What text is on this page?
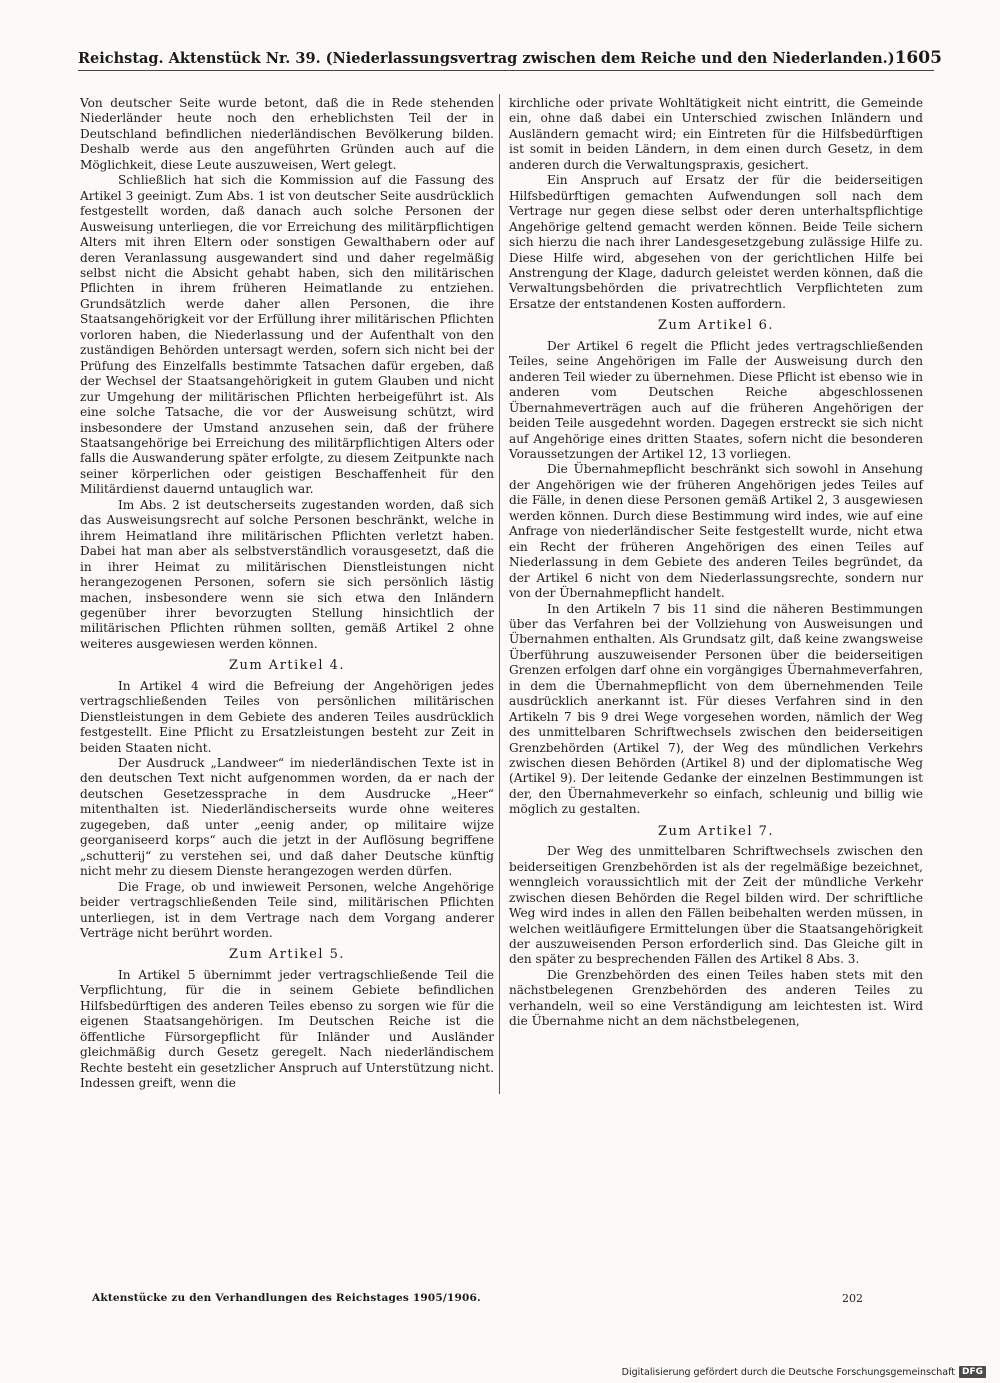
Reichstag. Aktenstück Nr. 39. (Niederlassungsvertrag zwischen dem Reiche und den Niederlanden.) 1605

Von deutscher Seite wurde betont, daß die in Rede stehenden Niederländer heute noch den erheblichsten Teil der in Deutschland befindlichen niederländischen Bevölkerung bilden. Deshalb werde aus den angeführten Gründen auch auf die Möglichkeit, diese Leute auszuweisen, Wert gelegt.

Schließlich hat sich die Kommission auf die Fassung des Artikel 3 geeinigt. Zum Abs. 1 ist von deutscher Seite ausdrücklich festgestellt worden, daß danach auch solche Personen der Ausweisung unterliegen, die vor Erreichung des militärpflichtigen Alters mit ihren Eltern oder sonstigen Gewalthabern oder auf deren Veranlassung ausgewandert sind und daher regelmäßig selbst nicht die Absicht gehabt haben, sich den militärischen Pflichten in ihrem früheren Heimatlande zu entziehen. Grundsätzlich werde daher allen Personen, die ihre Staatsangehörigkeit vor der Erfüllung ihrer militärischen Pflichten vorloren haben, die Niederlassung und der Aufenthalt von den zuständigen Behörden untersagt werden, sofern sich nicht bei der Prüfung des Einzelfalls bestimmte Tatsachen dafür ergeben, daß der Wechsel der Staatsangehörigkeit in gutem Glauben und nicht zur Umgehung der militärischen Pflichten herbeigeführt ist. Als eine solche Tatsache, die vor der Ausweisung schützt, wird insbesondere der Umstand anzusehen sein, daß der frühere Staatsangehörige bei Erreichung des militärpflichtigen Alters oder falls die Auswanderung später erfolgte, zu diesem Zeitpunkte nach seiner körperlichen oder geistigen Beschaffenheit für den Militärdienst dauernd untauglich war.

Im Abs. 2 ist deutscherseits zugestanden worden, daß sich das Ausweisungsrecht auf solche Personen beschränkt, welche in ihrem Heimatland ihre militärischen Pflichten verletzt haben. Dabei hat man aber als selbstverständlich vorausgesetzt, daß die in ihrer Heimat zu militärischen Dienstleistungen nicht herangezogenen Personen, sofern sie sich persönlich lästig machen, insbesondere wenn sie sich etwa den Inländern gegenüber ihrer bevorzugten Stellung hinsichtlich der militärischen Pflichten rühmen sollten, gemäß Artikel 2 ohne weiteres ausgewiesen werden können.

Zum Artikel 4.

In Artikel 4 wird die Befreiung der Angehörigen jedes vertragschließenden Teiles von persönlichen militärischen Dienstleistungen in dem Gebiete des anderen Teiles ausdrücklich festgestellt. Eine Pflicht zu Ersatzleistungen besteht zur Zeit in beiden Staaten nicht.

Der Ausdruck „Landweer“ im niederländischen Texte ist in den deutschen Text nicht aufgenommen worden, da er nach der deutschen Gesetzessprache in dem Ausdrucke „Heer“ mitenthalten ist. Niederländischerseits wurde ohne weiteres zugegeben, daß unter „eenig ander, op militaire wijze georganiseerd korps“ auch die jetzt in der Auflösung begriffene „schutterij“ zu verstehen sei, und daß daher Deutsche künftig nicht mehr zu diesem Dienste herangezogen werden dürfen.

Die Frage, ob und inwieweit Personen, welche Angehörige beider vertragschließenden Teile sind, militärischen Pflichten unterliegen, ist in dem Vertrage nach dem Vorgang anderer Verträge nicht berührt worden.

Zum Artikel 5.

In Artikel 5 übernimmt jeder vertragschließende Teil die Verpflichtung, für die in seinem Gebiete befindlichen Hilfsbedürftigen des anderen Teiles ebenso zu sorgen wie für die eigenen Staatsangehörigen. Im Deutschen Reiche ist die öffentliche Fürsorgepflicht für Inländer und Ausländer gleichmäßig durch Gesetz geregelt. Nach niederländischem Rechte besteht ein gesetzlicher Anspruch auf Unterstützung nicht. Indessen greift, wenn die

kirchliche oder private Wohltätigkeit nicht eintritt, die Gemeinde ein, ohne daß dabei ein Unterschied zwischen Inländern und Ausländern gemacht wird; ein Eintreten für die Hilfsbedürftigen ist somit in beiden Ländern, in dem einen durch Gesetz, in dem anderen durch die Verwaltungspraxis, gesichert.

Ein Anspruch auf Ersatz der für die beiderseitigen Hilfsbedürftigen gemachten Aufwendungen soll nach dem Vertrage nur gegen diese selbst oder deren unterhaltspflichtige Angehörige geltend gemacht werden können. Beide Teile sichern sich hierzu die nach ihrer Landesgesetzgebung zulässige Hilfe zu. Diese Hilfe wird, abgesehen von der gerichtlichen Hilfe bei Anstrengung der Klage, dadurch geleistet werden können, daß die Verwaltungsbehörden die privatrechtlich Verpflichteten zum Ersatze der entstandenen Kosten auffordern.

Zum Artikel 6.

Der Artikel 6 regelt die Pflicht jedes vertragschließenden Teiles, seine Angehörigen im Falle der Ausweisung durch den anderen Teil wieder zu übernehmen. Diese Pflicht ist ebenso wie in anderen vom Deutschen Reiche abgeschlossenen Übernahmeverträgen auch auf die früheren Angehörigen der beiden Teile ausgedehnt worden. Dagegen erstreckt sie sich nicht auf Angehörige eines dritten Staates, sofern nicht die besonderen Voraussetzungen der Artikel 12, 13 vorliegen.

Die Übernahmepflicht beschränkt sich sowohl in Ansehung der Angehörigen wie der früheren Angehörigen jedes Teiles auf die Fälle, in denen diese Personen gemäß Artikel 2, 3 ausgewiesen werden können. Durch diese Bestimmung wird indes, wie auf eine Anfrage von niederländischer Seite festgestellt wurde, nicht etwa ein Recht der früheren Angehörigen des einen Teiles auf Niederlassung in dem Gebiete des anderen Teiles begründet, da der Artikel 6 nicht von dem Niederlassungsrechte, sondern nur von der Übernahmepflicht handelt.

In den Artikeln 7 bis 11 sind die näheren Bestimmungen über das Verfahren bei der Vollziehung von Ausweisungen und Übernahmen enthalten. Als Grundsatz gilt, daß keine zwangsweise Überführung auszuweisender Personen über die beiderseitigen Grenzen erfolgen darf ohne ein vorgängiges Übernahmeverfahren, in dem die Übernahmepflicht von dem übernehmenden Teile ausdrücklich anerkannt ist. Für dieses Verfahren sind in den Artikeln 7 bis 9 drei Wege vorgesehen worden, nämlich der Weg des unmittelbaren Schriftwechsels zwischen den beiderseitigen Grenzbehörden (Artikel 7), der Weg des mündlichen Verkehrs zwischen diesen Behörden (Artikel 8) und der diplomatische Weg (Artikel 9). Der leitende Gedanke der einzelnen Bestimmungen ist der, den Übernahmeverkehr so einfach, schleunig und billig wie möglich zu gestalten.

Zum Artikel 7.

Der Weg des unmittelbaren Schriftwechsels zwischen den beiderseitigen Grenzbehörden ist als der regelmäßige bezeichnet, wenngleich voraussichtlich mit der Zeit der mündliche Verkehr zwischen diesen Behörden die Regel bilden wird. Der schriftliche Weg wird indes in allen den Fällen beibehalten werden müssen, in welchen weitläufigere Ermittelungen über die Staatsangehörigkeit der auszuweisenden Person erforderlich sind. Das Gleiche gilt in den später zu besprechenden Fällen des Artikel 8 Abs. 3.

Die Grenzbehörden des einen Teiles haben stets mit den nächstbelegenen Grenzbehörden des anderen Teiles zu verhandeln, weil so eine Verständigung am leichtesten ist. Wird die Übernahme nicht an dem nächstbelegenen,

Aktenstücke zu den Verhandlungen des Reichstages 1905/1906.	202
Digitalisierung gefördert durch die Deutsche Forschungsgemeinschaft DFG
